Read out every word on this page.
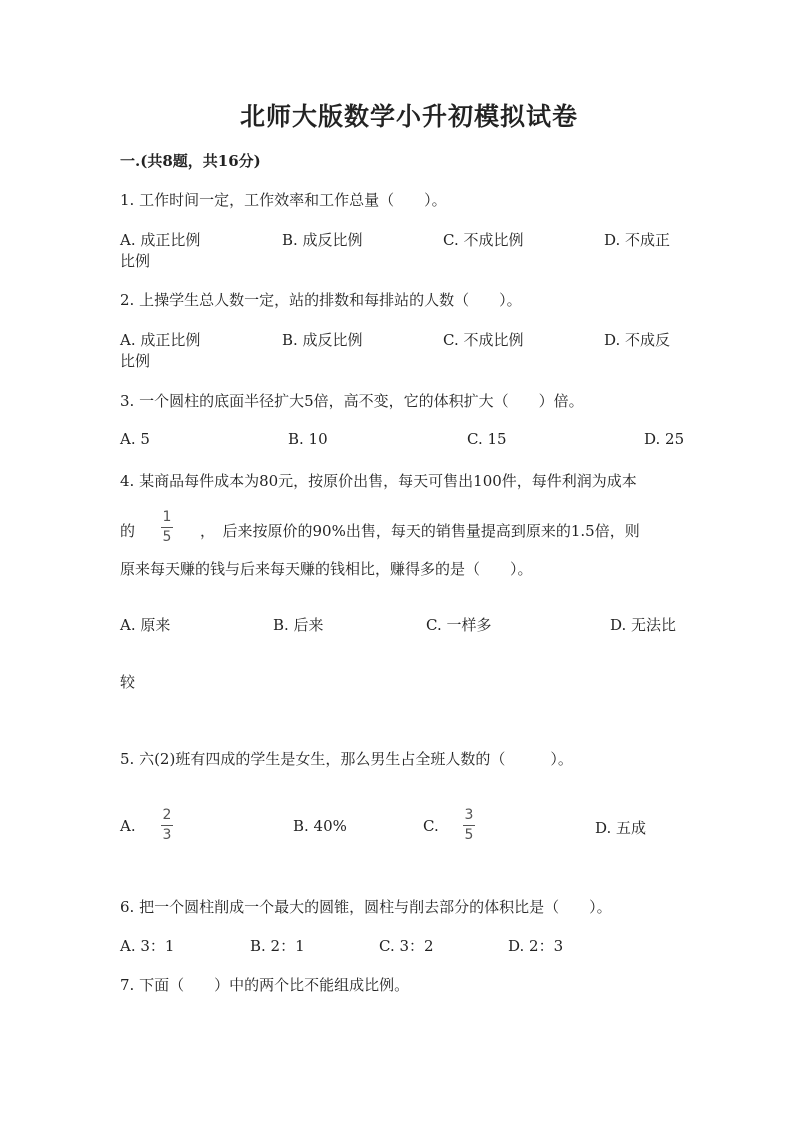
北师大版数学小升初模拟试卷
一.(共8题，共16分)
1. 工作时间一定，工作效率和工作总量（　　）。
A. 成正比例	B. 成反比例	C. 不成比例	D. 不成正
比例
2. 上操学生总人数一定，站的排数和每排站的人数（　　）。
A. 成正比例	B. 成反比例	C. 不成比例	D. 不成反
比例
3. 一个圆柱的底面半径扩大5倍，高不变，它的体积扩大（　　）倍。
A. 5	B. 10	C. 15	D. 25
4. 某商品每件成本为80元，按原价出售，每天可售出100件，每件利润为成本
的
1
5 ，　后来按原价的90%出售，每天的销售量提高到原来的1.5倍，则
原来每天赚的钱与后来每天赚的钱相比，赚得多的是（　　）。
A. 原来	B. 后来	C. 一样多	D. 无法比
较
5. 六(2)班有四成的学生是女生，那么男生占全班人数的（　　　）。
A.
2
3	B. 40%	C.
3
5	D. 五成
6. 把一个圆柱削成一个最大的圆锥，圆柱与削去部分的体积比是（　　）。
A. 3：1	B. 2：1	C. 3：2	D. 2：3
7. 下面（　　）中的两个比不能组成比例。
